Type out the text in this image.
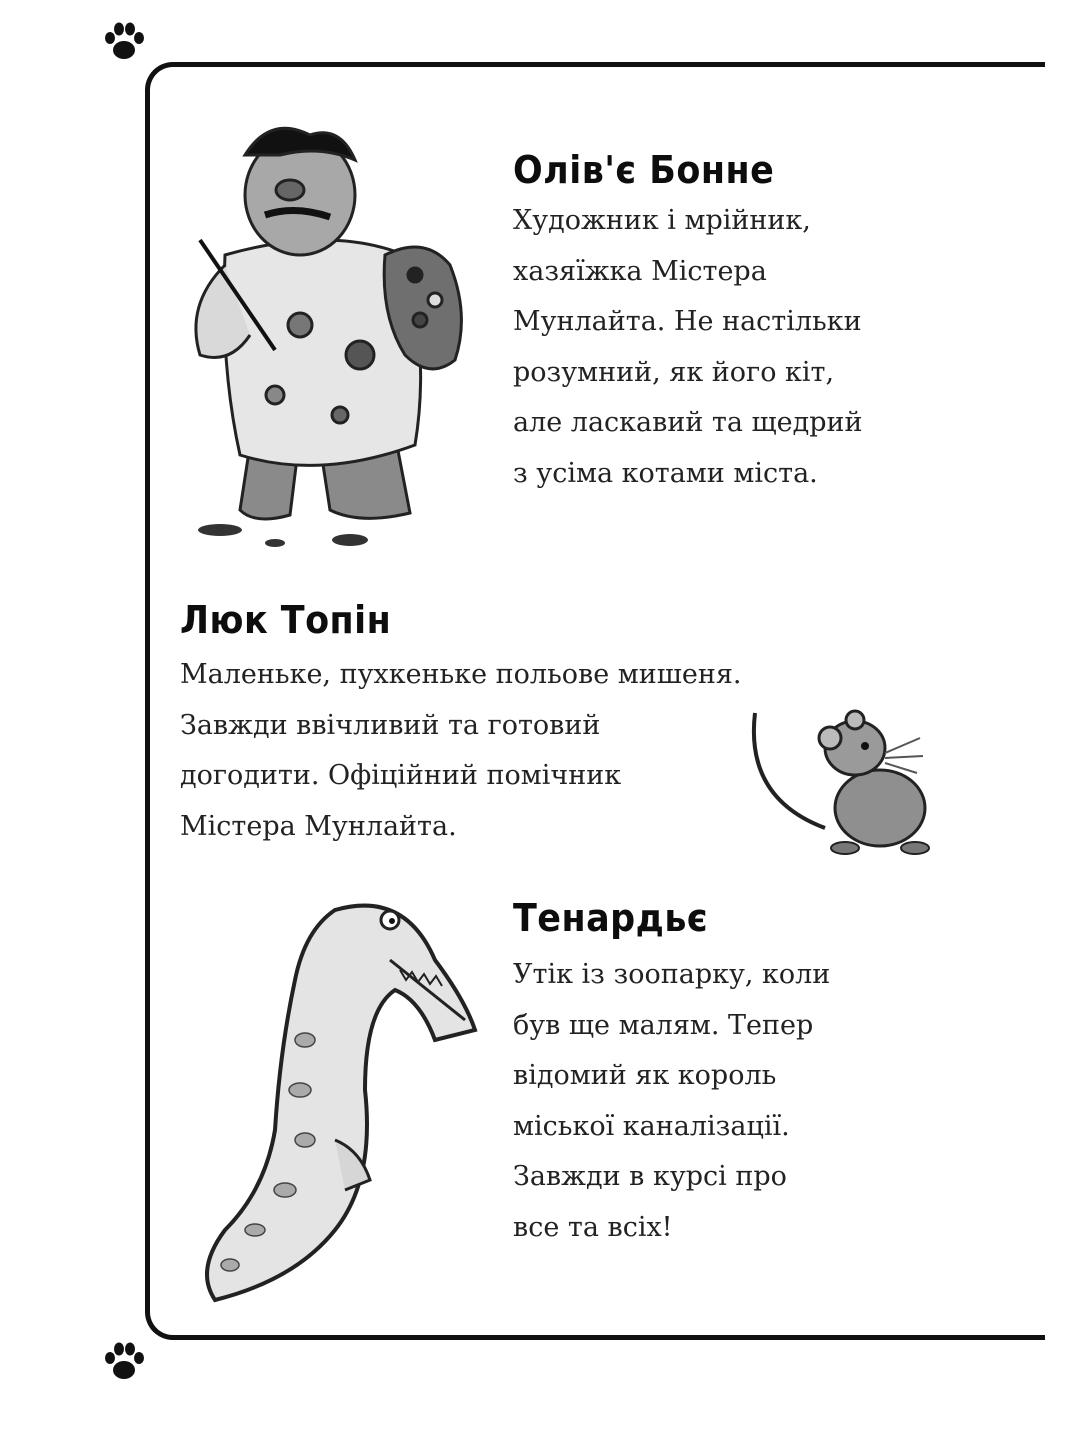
Олів'є Бонне
Художник і мрійник,
хазяїжка Містера
Мунлайта. Не настільки
розумний, як його кіт,
але ласкавий та щедрий
з усіма котами міста.
Люк Топін
Маленьке, пухкеньке польове мишеня.
Завжди ввічливий та готовий
догодити. Офіційний помічник
Містера Мунлайта.
Тенардьє
Утік із зоопарку, коли
був ще малям. Тепер
відомий як король
міської каналізації.
Завжди в курсі про
все та всіх!
